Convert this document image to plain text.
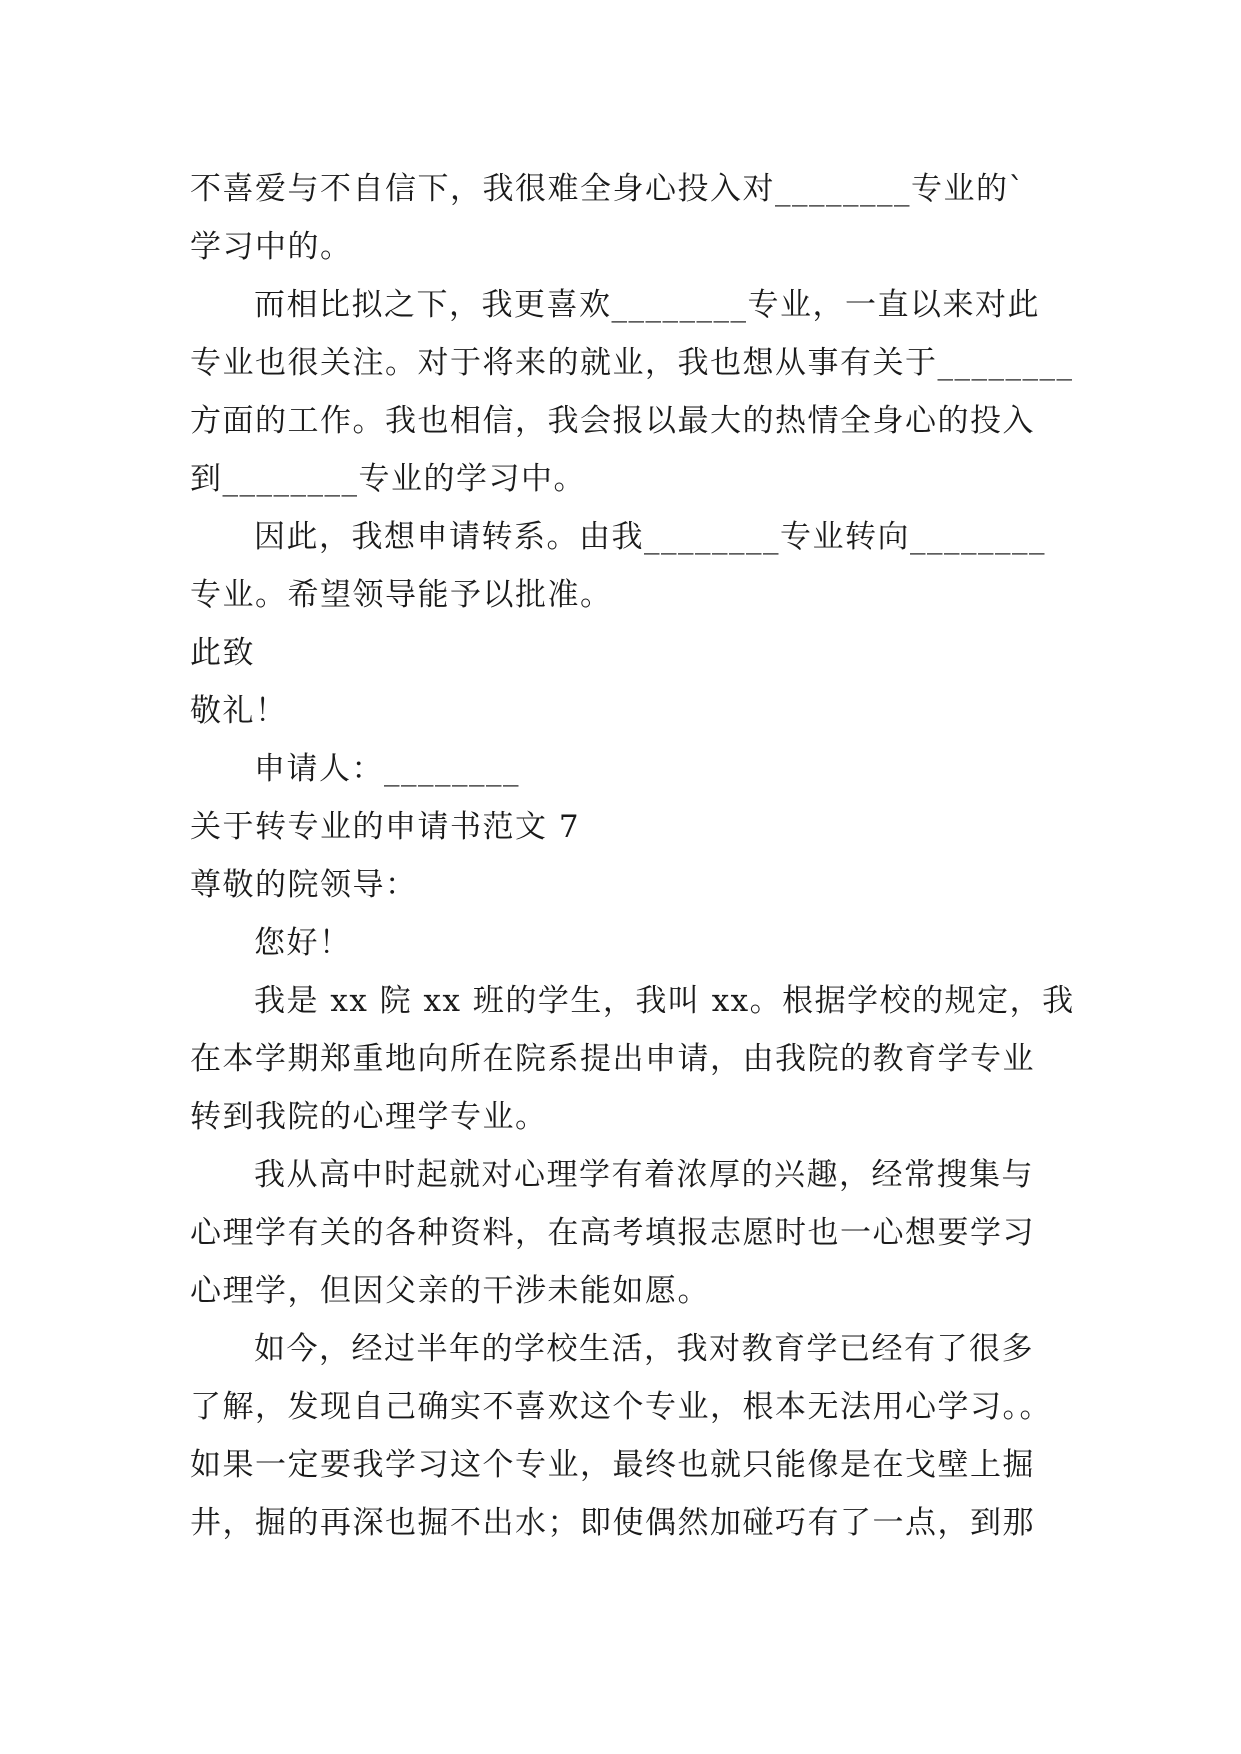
不喜爱与不自信下，我很难全身心投入对________专业的`
学习中的。
而相比拟之下，我更喜欢________专业，一直以来对此
专业也很关注。对于将来的就业，我也想从事有关于________
方面的工作。我也相信，我会报以最大的热情全身心的投入
到________专业的学习中。
因此，我想申请转系。由我________专业转向________
专业。希望领导能予以批准。
此致
敬礼！
申请人：________
关于转专业的申请书范文 7
尊敬的院领导：
您好！
我是 xx 院 xx 班的学生，我叫 xx。根据学校的规定，我
在本学期郑重地向所在院系提出申请，由我院的教育学专业
转到我院的心理学专业。
我从高中时起就对心理学有着浓厚的兴趣，经常搜集与
心理学有关的各种资料，在高考填报志愿时也一心想要学习
心理学，但因父亲的干涉未能如愿。
如今，经过半年的学校生活，我对教育学已经有了很多
了解，发现自己确实不喜欢这个专业，根本无法用心学习。。
如果一定要我学习这个专业，最终也就只能像是在戈壁上掘
井，掘的再深也掘不出水；即使偶然加碰巧有了一点，到那
